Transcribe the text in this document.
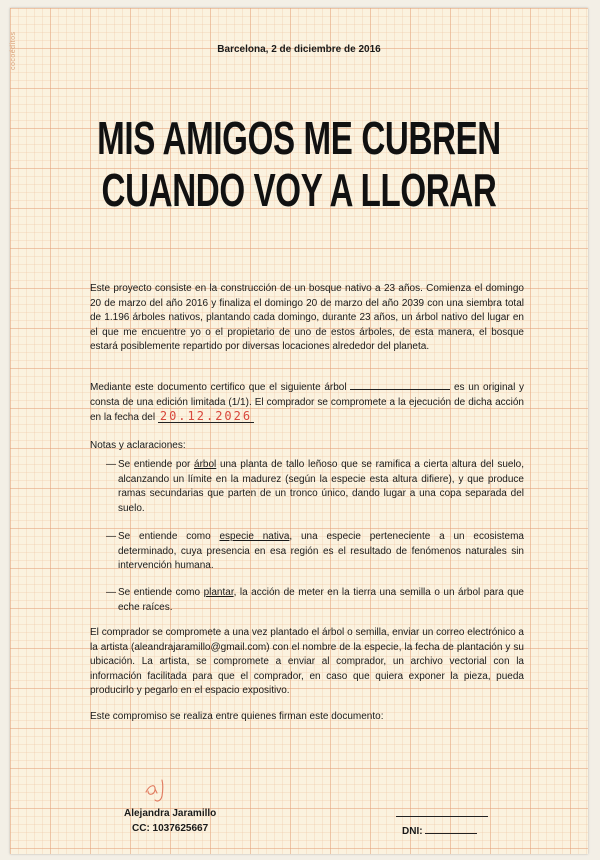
cocoéditos	Barcelona, 2 de diciembre de 2016
MIS AMIGOS ME CUBREN
CUANDO VOY A LLORAR
Este proyecto consiste en la construcción de un bosque nativo a 23 años. Comienza el domingo 20 de marzo del año 2016 y finaliza el domingo 20 de marzo del año 2039 con una siembra total de 1.196 árboles nativos, plantando cada domingo, durante 23 años, un árbol nativo del lugar en el que me encuentre yo o el propietario de uno de estos árboles, de esta manera, el bosque estará posiblemente repartido por diversas locaciones alrededor del planeta.
Mediante este documento certifico que el siguiente árbol	es un original y consta de una edición limitada (1/1). El comprador se compromete a la ejecución de dicha acción en la fecha del 20.12.2026
Notas y aclaraciones:
— Se entiende por árbol una planta de tallo leñoso que se ramifica a cierta altura del suelo, alcanzando un límite en la madurez (según la especie esta altura difiere), y que produce ramas secundarias que parten de un tronco único, dando lugar a una copa separada del suelo.
— Se entiende como especie nativa, una especie perteneciente a un ecosistema determinado, cuya presencia en esa región es el resultado de fenómenos naturales sin intervención humana.
— Se entiende como plantar, la acción de meter en la tierra una semilla o un árbol para que eche raíces.
El comprador se compromete a una vez plantado el árbol o semilla, enviar un correo electrónico a la artista (aleandrajaramillo@gmail.com) con el nombre de la especie, la fecha de plantación y su ubicación. La artista, se compromete a enviar al comprador, un archivo vectorial con la información facilitada para que el comprador, en caso que quiera exponer la pieza, pueda producirlo y pegarlo en el espacio expositivo.
Este compromiso se realiza entre quienes firman este documento:
Alejandra Jaramillo
CC: 1037625667	DNI:
